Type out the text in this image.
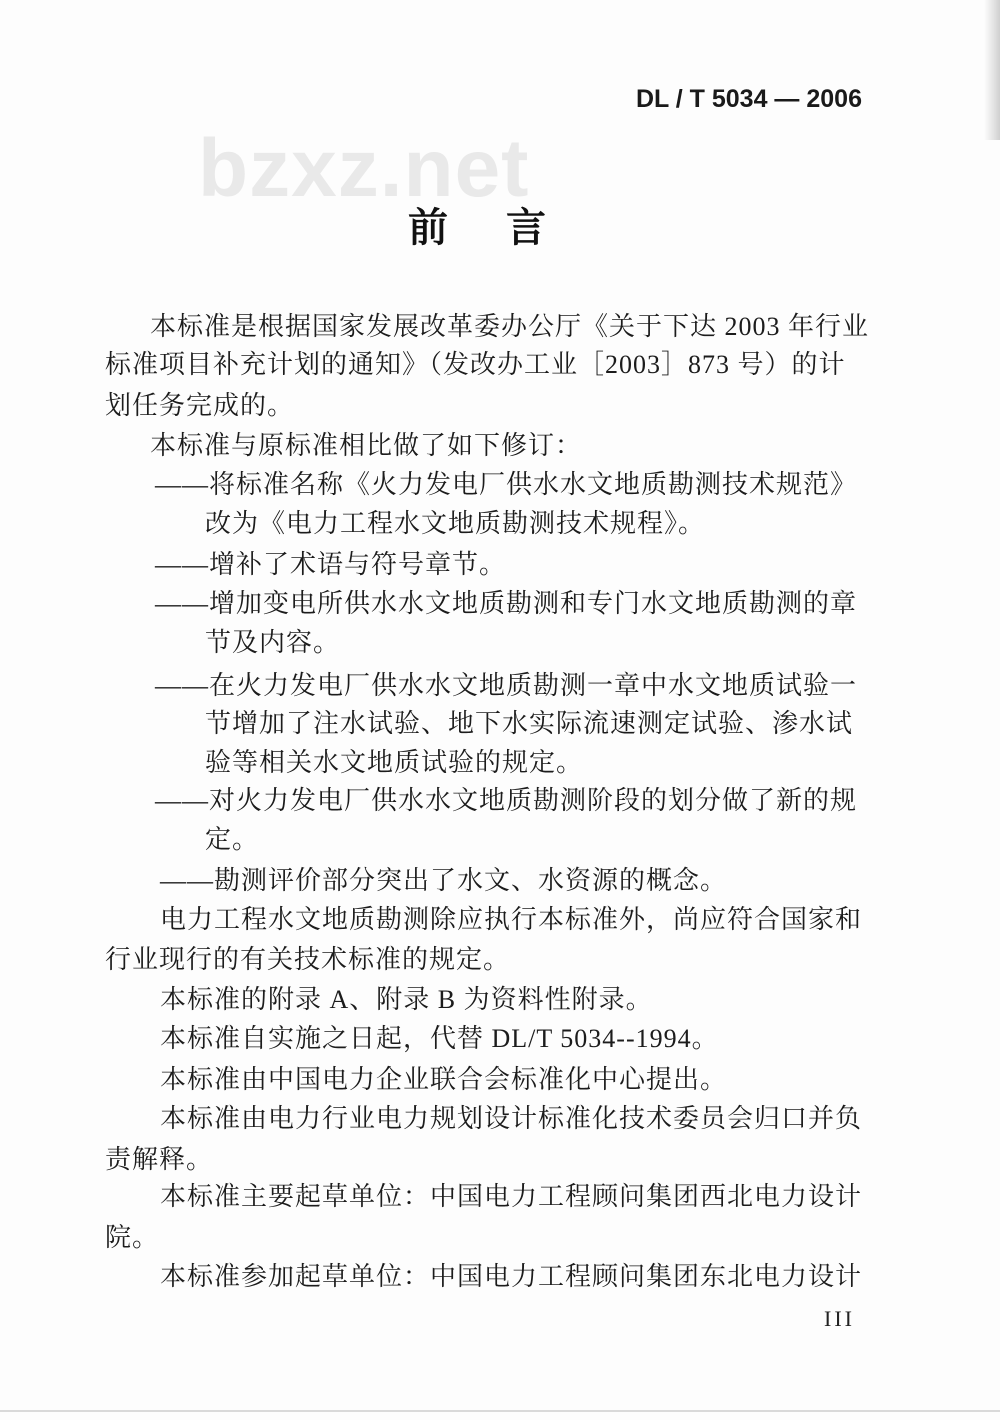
DL / T 5034 — 2006
bzxz.net
前言
本标准是根据国家发展改革委办公厅《关于下达 2003 年行业
标准项目补充计划的通知》（发改办工业［2003］873 号）的计
划任务完成的。
本标准与原标准相比做了如下修订：
——将标准名称《火力发电厂供水水文地质勘测技术规范》
改为《电力工程水文地质勘测技术规程》。
——增补了术语与符号章节。
——增加变电所供水水文地质勘测和专门水文地质勘测的章
节及内容。
——在火力发电厂供水水文地质勘测一章中水文地质试验一
节增加了注水试验、地下水实际流速测定试验、渗水试
验等相关水文地质试验的规定。
——对火力发电厂供水水文地质勘测阶段的划分做了新的规
定。
——勘测评价部分突出了水文、水资源的概念。
电力工程水文地质勘测除应执行本标准外，尚应符合国家和
行业现行的有关技术标准的规定。
本标准的附录 A、附录 B 为资料性附录。
本标准自实施之日起，代替 DL/T 5034--1994。
本标准由中国电力企业联合会标准化中心提出。
本标准由电力行业电力规划设计标准化技术委员会归口并负
责解释。
本标准主要起草单位：中国电力工程顾问集团西北电力设计
院。
本标准参加起草单位：中国电力工程顾问集团东北电力设计
III
